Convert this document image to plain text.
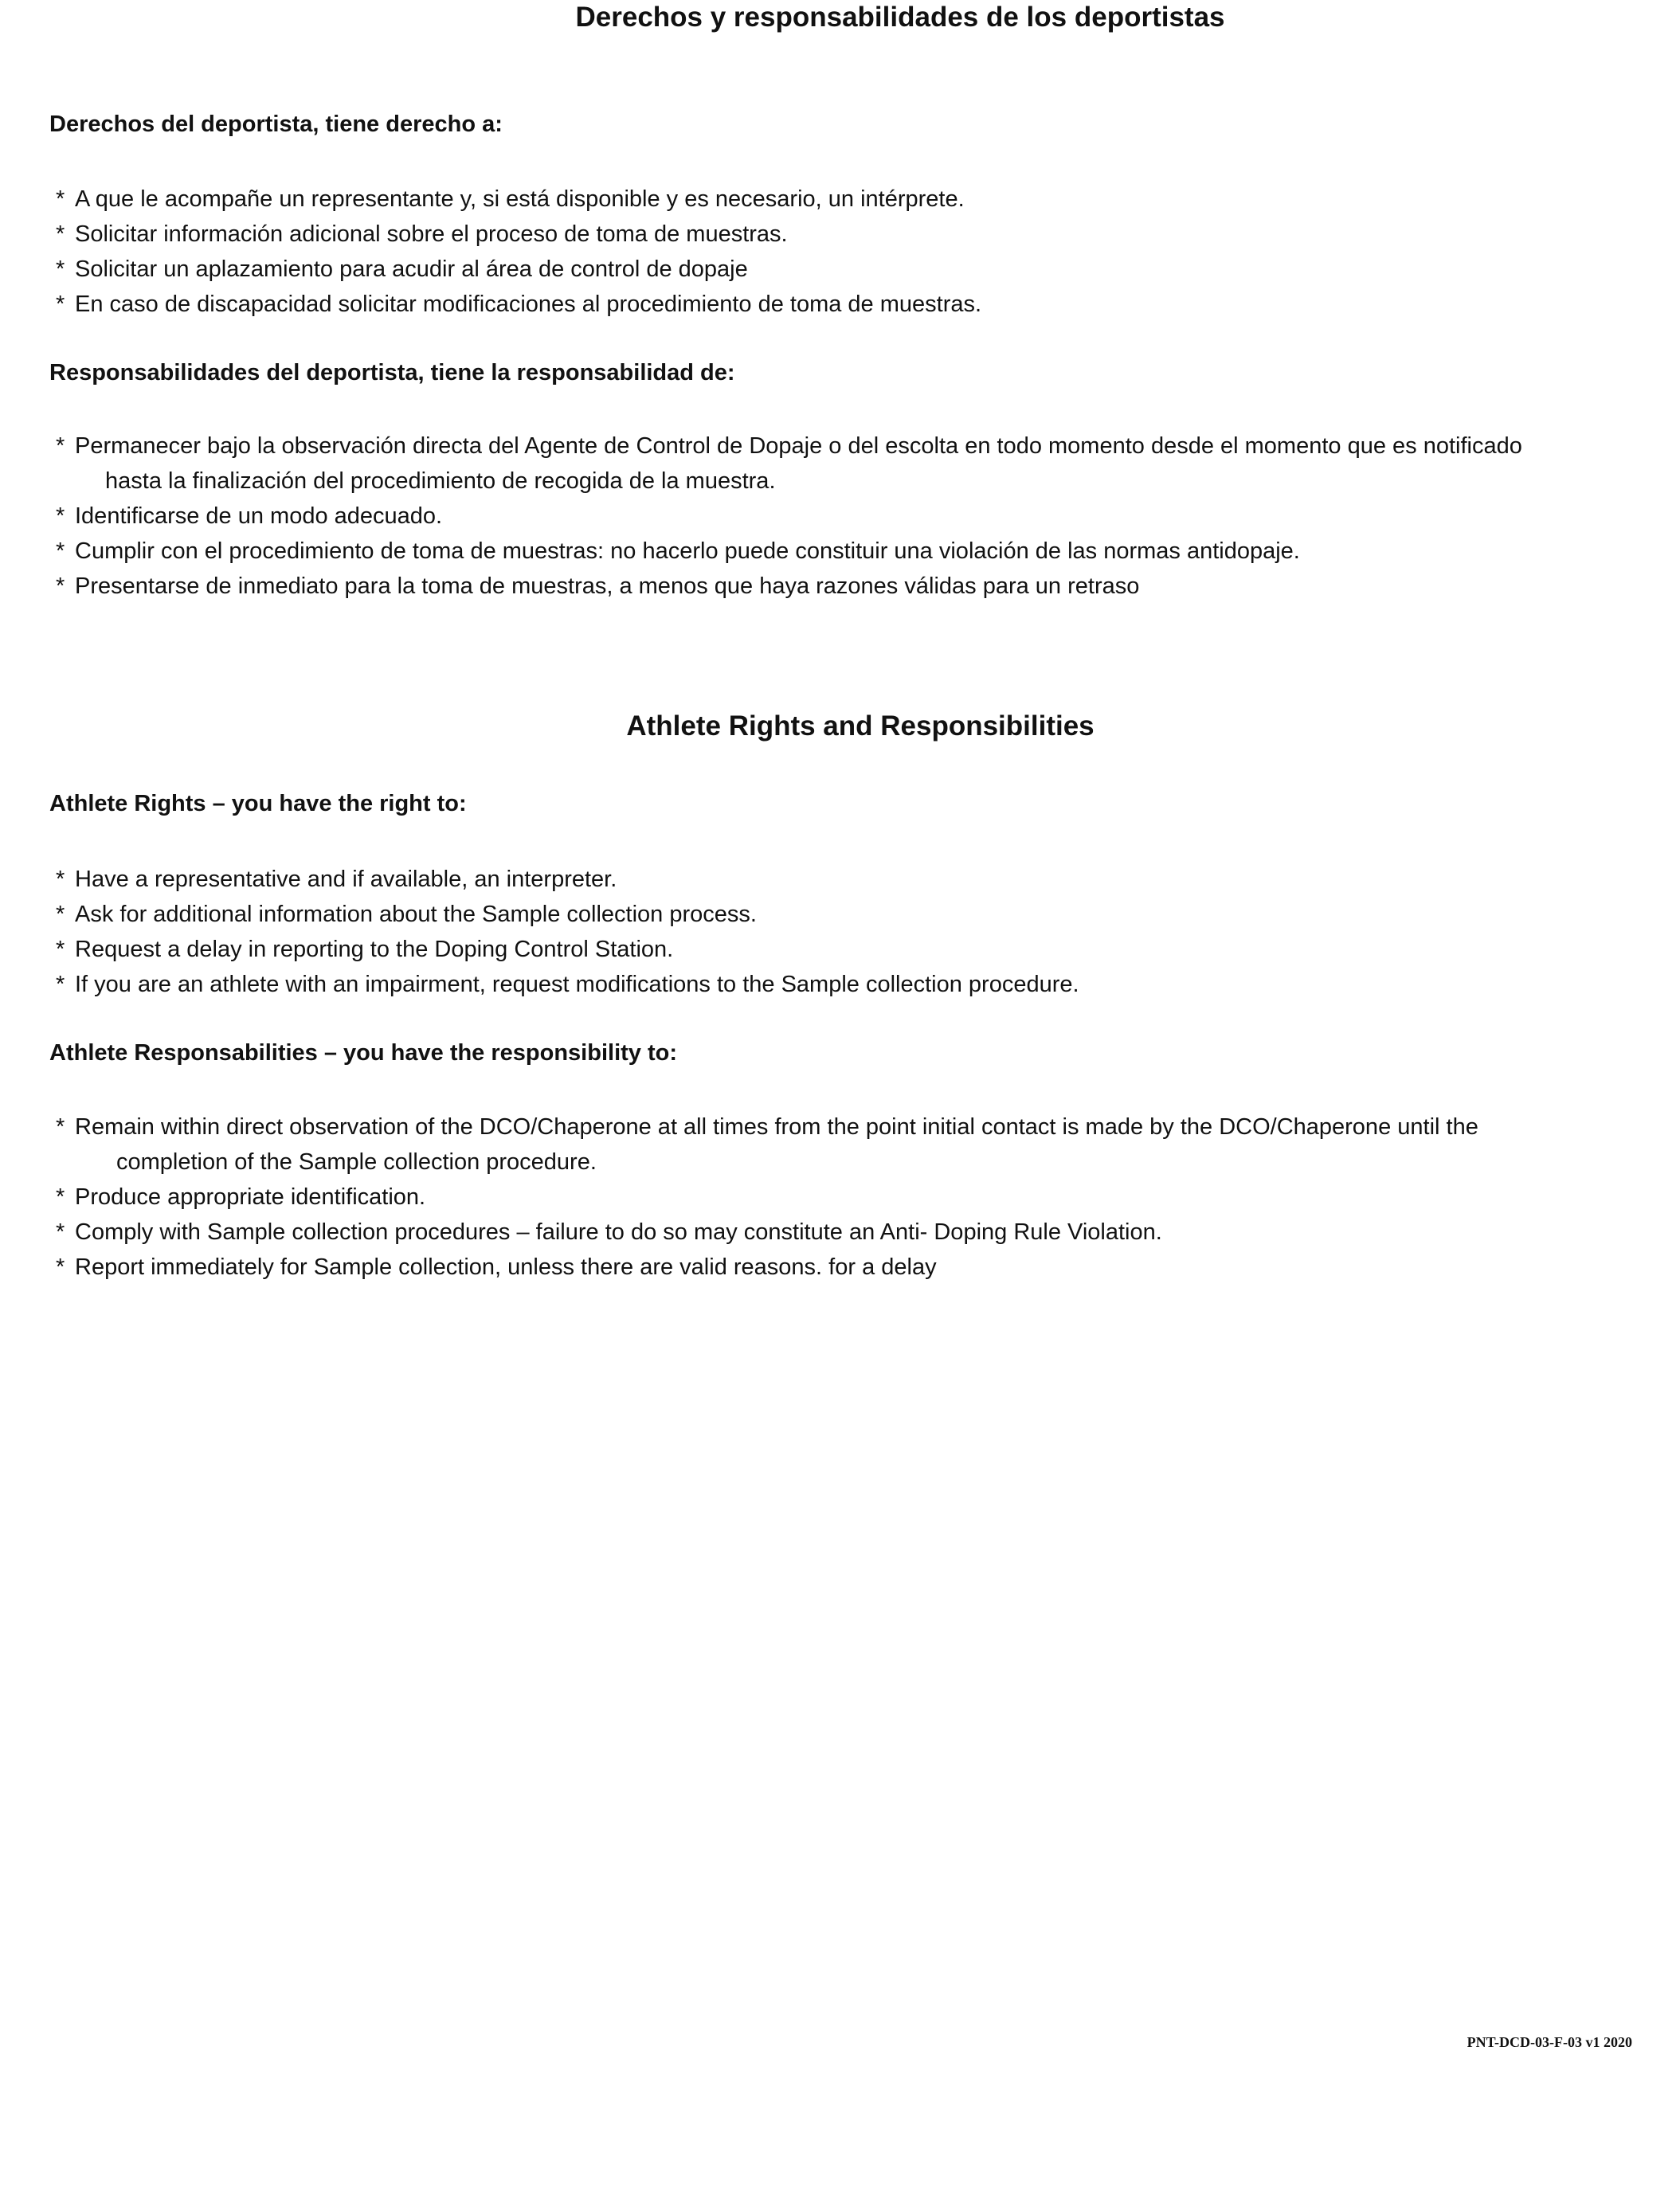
Derechos y responsabilidades de los deportistas
Derechos del deportista, tiene derecho a:
* A que le acompañe un representante y, si está disponible y es necesario, un intérprete.
* Solicitar información adicional sobre el proceso de toma de muestras.
* Solicitar un aplazamiento para acudir al área de control de dopaje
* En caso de discapacidad solicitar modificaciones al procedimiento de toma de muestras.
Responsabilidades del deportista, tiene la responsabilidad de:
* Permanecer bajo la observación directa del Agente de Control de Dopaje o del escolta en todo momento desde el momento que es notificado
hasta la finalización del procedimiento de recogida de la muestra.
* Identificarse de un modo adecuado.
* Cumplir con el procedimiento de toma de muestras: no hacerlo puede constituir una violación de las normas antidopaje.
* Presentarse de inmediato para la toma de muestras, a menos que haya razones válidas para un retraso
Athlete Rights and Responsibilities
Athlete Rights – you have the right to:
* Have a representative and if available, an interpreter.
* Ask for additional information about the Sample collection process.
* Request a delay in reporting to the Doping Control Station.
* If you are an athlete with an impairment, request modifications to the Sample collection procedure.
Athlete Responsabilities – you have the responsibility to:
* Remain within direct observation of the DCO/Chaperone at all times from the point initial contact is made by the DCO/Chaperone until the
completion of the Sample collection procedure.
* Produce appropriate identification.
* Comply with Sample collection procedures – failure to do so may constitute an Anti- Doping Rule Violation.
* Report immediately for Sample collection, unless there are valid reasons. for a delay
PNT-DCD-03-F-03 v1 2020
